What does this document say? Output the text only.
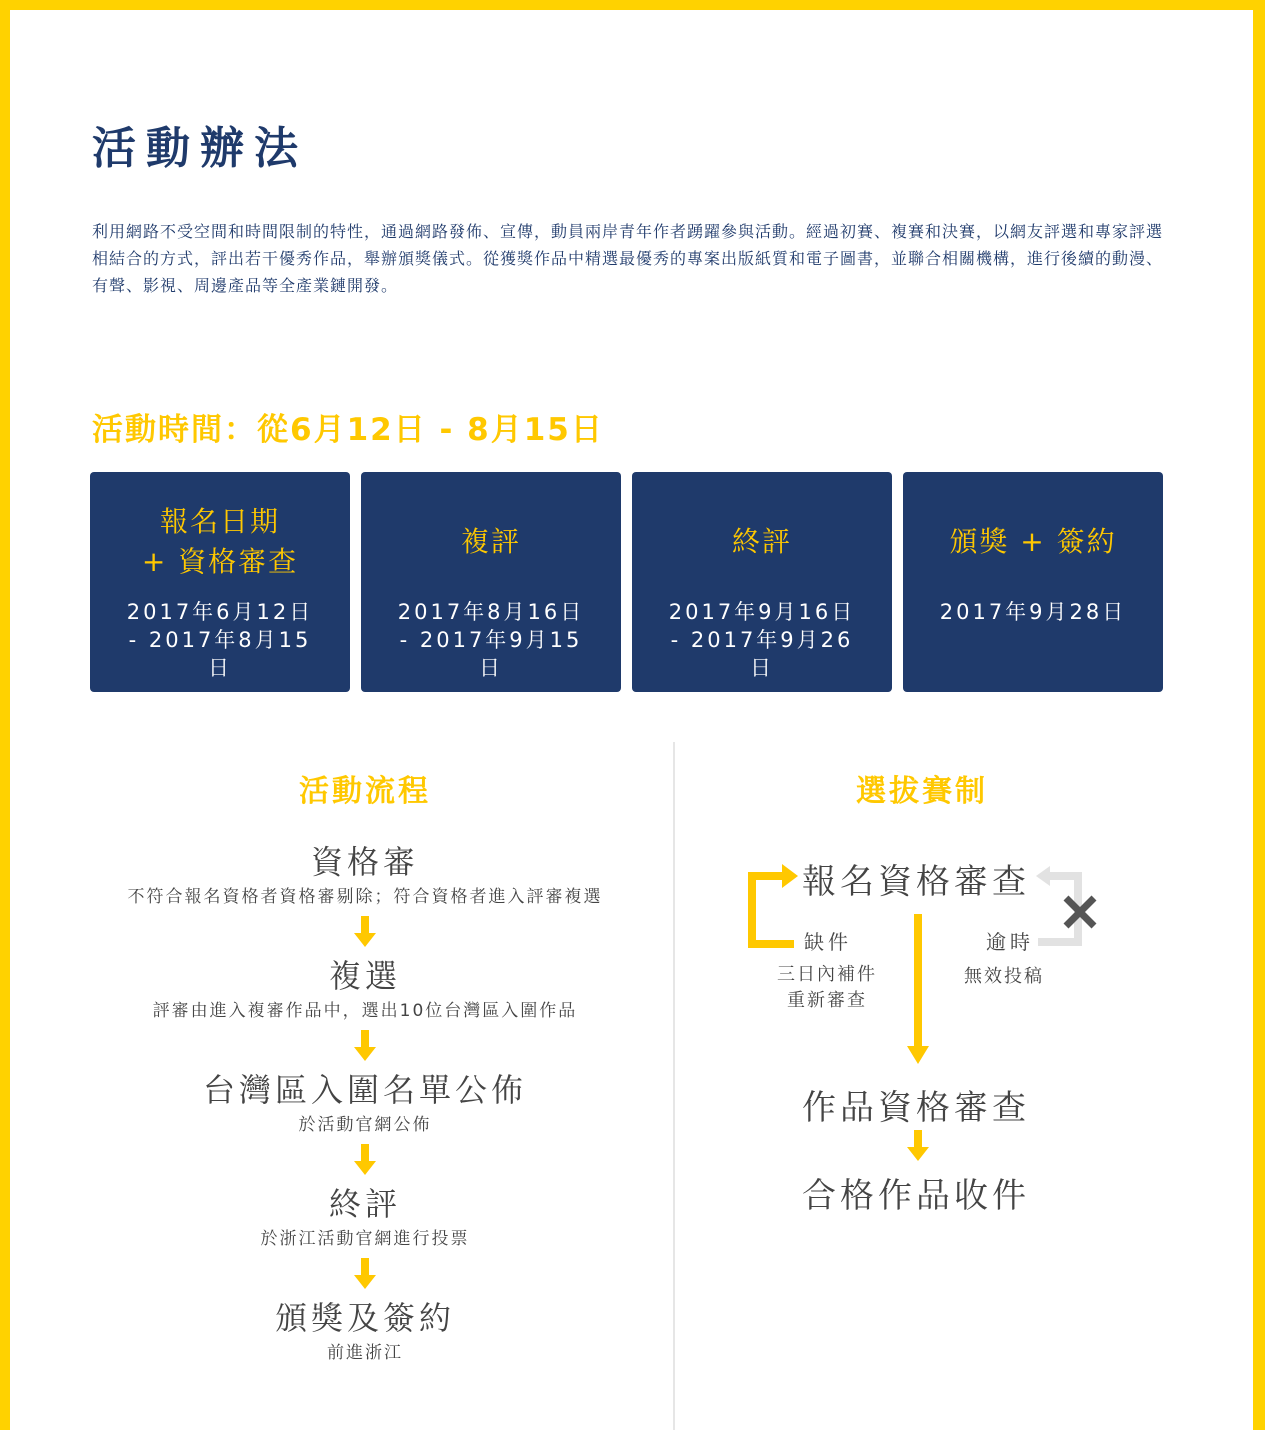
活動辦法

利用網路不受空間和時間限制的特性，通過網路發佈、宣傳，動員兩岸青年作者踴躍參與活動。經過初賽、複賽和決賽，以網友評選和專家評選相結合的方式，評出若干優秀作品，舉辦頒獎儀式。從獲獎作品中精選最優秀的專案出版紙質和電子圖書，並聯合相關機構，進行後續的動漫、有聲、影視、周邊產品等全產業鏈開發。

活動時間：從6月12日 - 8月15日
報名日期
+ 資格審查
2017年6月12日
- 2017年8月15
日
複評
2017年8月16日
- 2017年9月15
日
終評
2017年9月16日
- 2017年9月26
日
頒獎 + 簽約
2017年9月28日
活動流程
資格審
不符合報名資格者資格審剔除；符合資格者進入評審複選
複選
評審由進入複審作品中，選出10位台灣區入圍作品
台灣區入圍名單公佈
於活動官網公佈
終評
於浙江活動官網進行投票
頒獎及簽約
前進浙江
選拔賽制
報名資格審查
缺件
三日內補件
重新審查
逾時
無效投稿
作品資格審查
合格作品收件
